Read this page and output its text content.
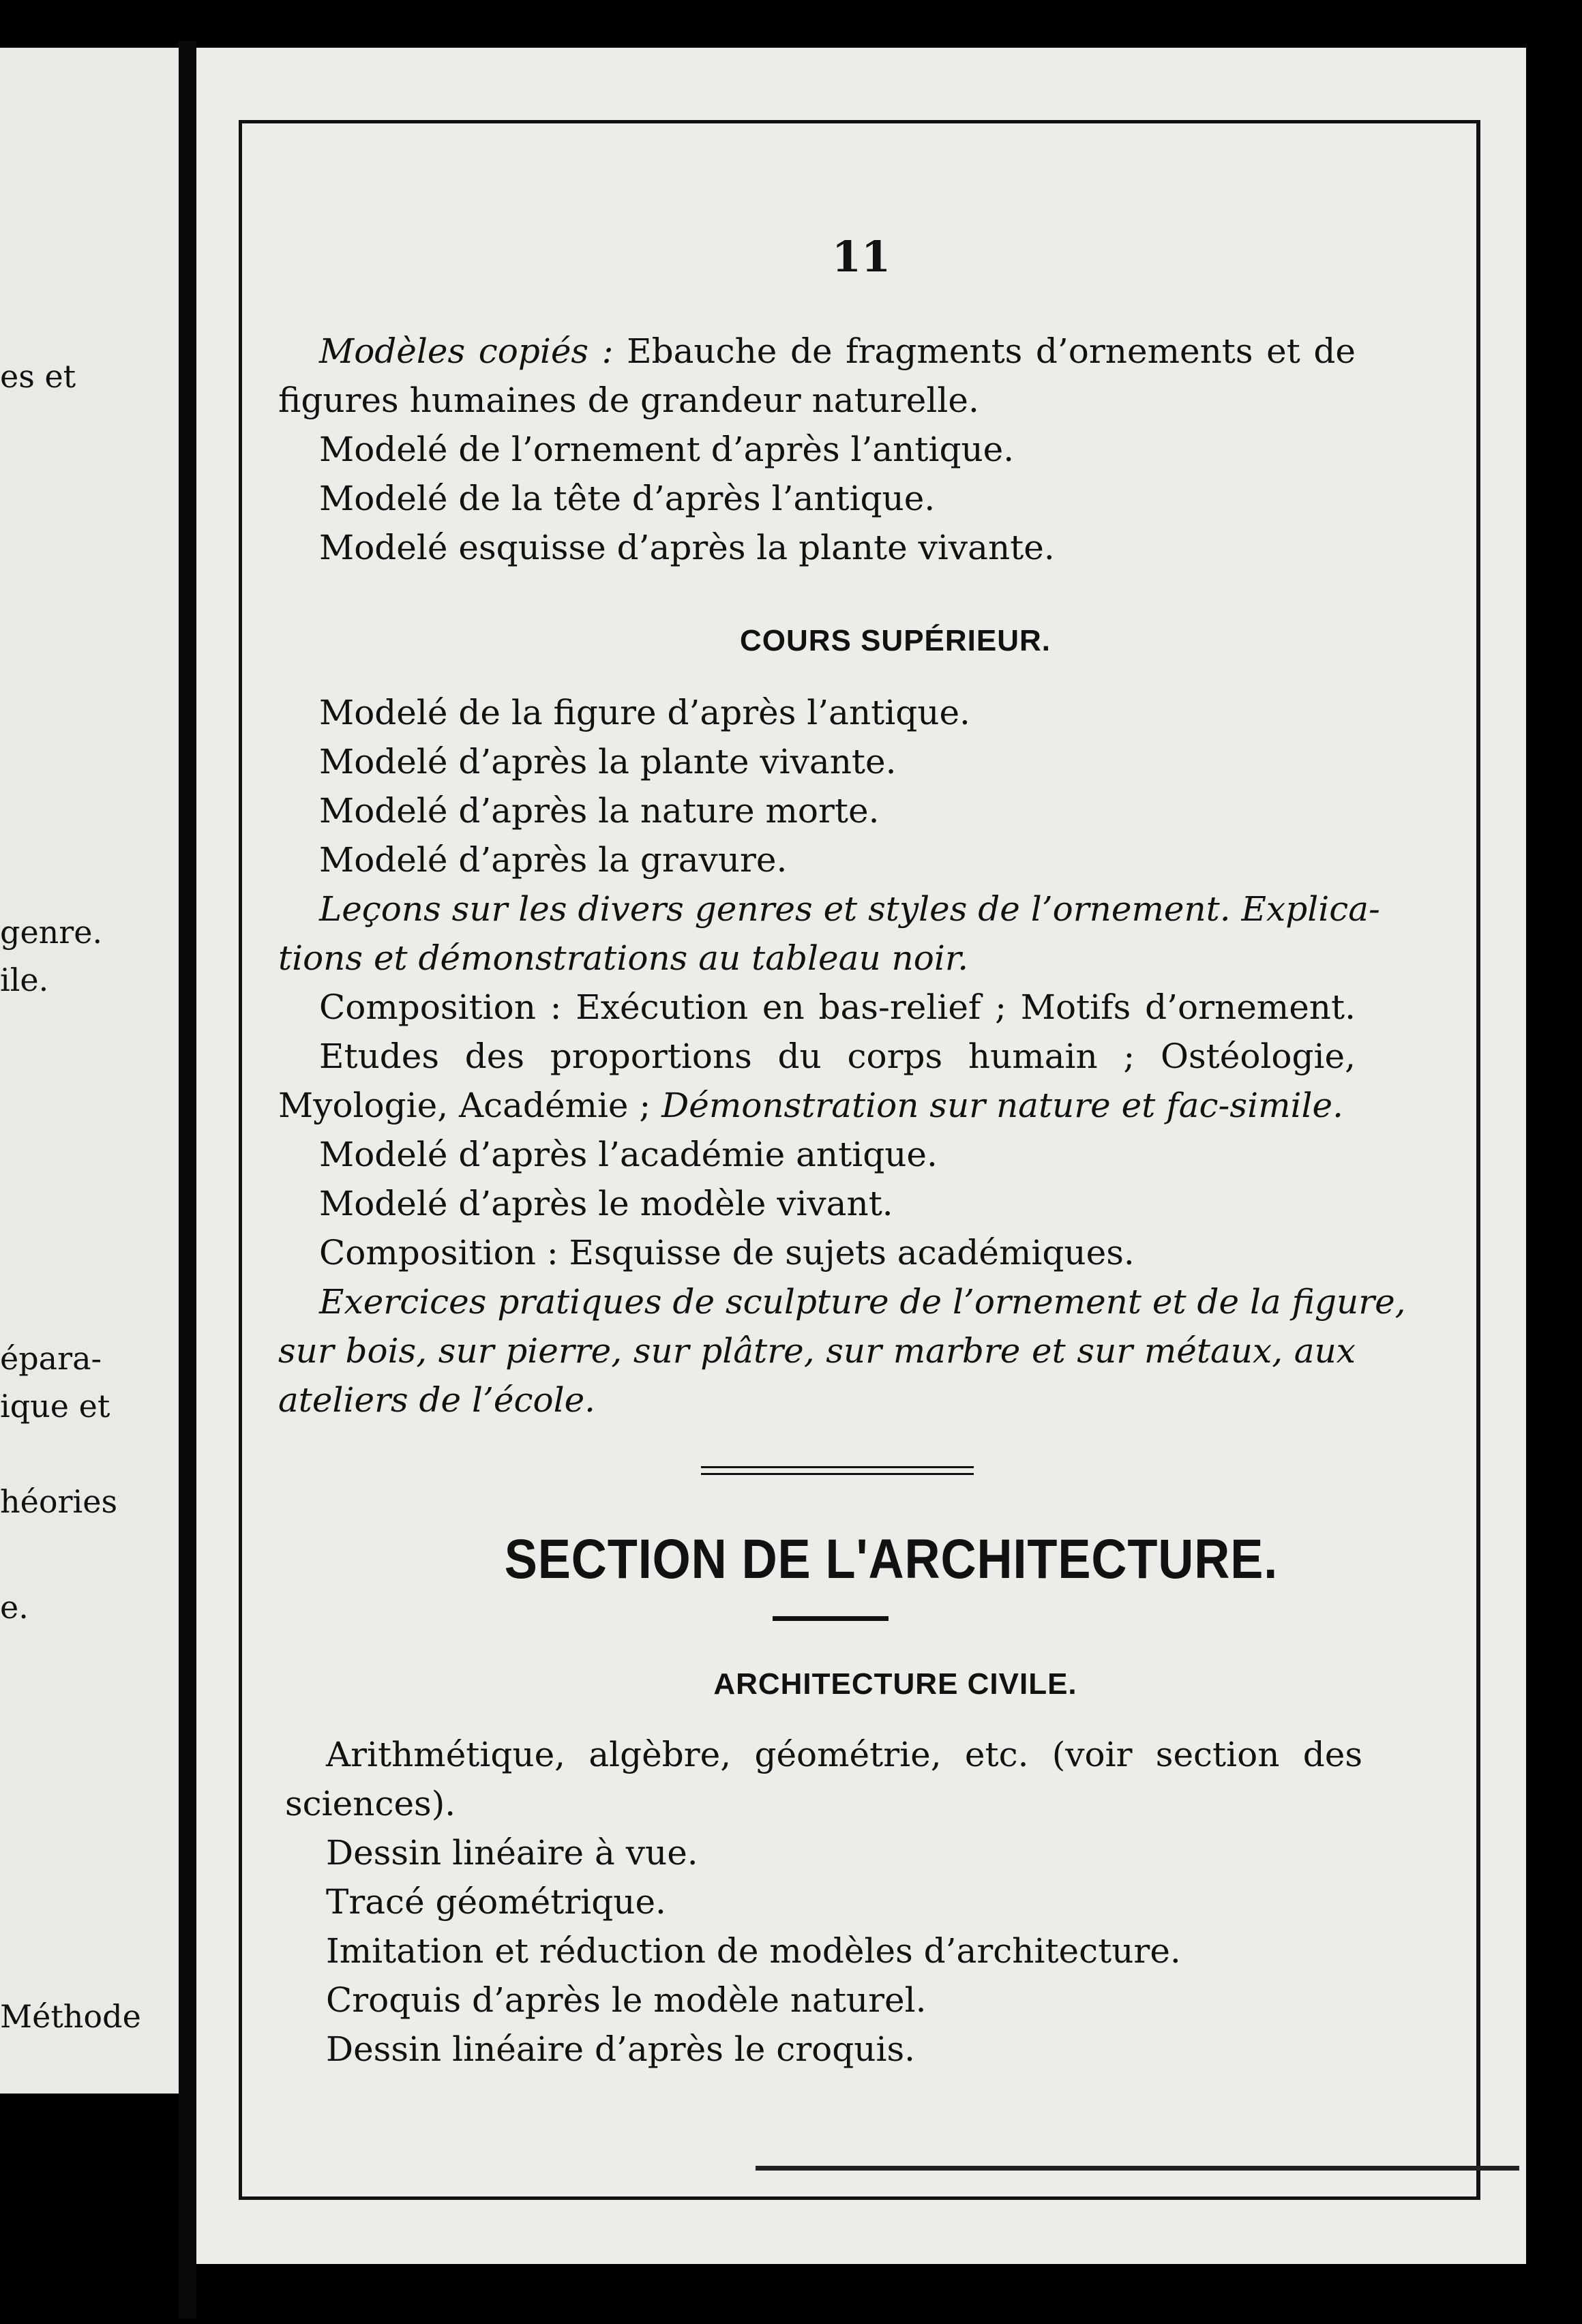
es et
genre.
ile.
épara-
ique et
héories
e.
Méthode
11
Modèles copiés : Ebauche de fragments d’ornements et de
figures humaines de grandeur naturelle.
Modelé de l’ornement d’après l’antique.
Modelé de la tête d’après l’antique.
Modelé esquisse d’après la plante vivante.
COURS SUPÉRIEUR.
Modelé de la figure d’après l’antique.
Modelé d’après la plante vivante.
Modelé d’après la nature morte.
Modelé d’après la gravure.
Leçons sur les divers genres et styles de l’ornement. Explica-
tions et démonstrations au tableau noir.
Composition : Exécution en bas-relief ; Motifs d’ornement.
Etudes des proportions du corps humain ; Ostéologie,
Myologie, Académie ; Démonstration sur nature et fac-simile.
Modelé d’après l’académie antique.
Modelé d’après le modèle vivant.
Composition : Esquisse de sujets académiques.
Exercices pratiques de sculpture de l’ornement et de la figure,
sur bois, sur pierre, sur plâtre, sur marbre et sur métaux, aux
ateliers de l’école.
SECTION DE L'ARCHITECTURE.
ARCHITECTURE CIVILE.
Arithmétique, algèbre, géométrie, etc. (voir section des
sciences).
Dessin linéaire à vue.
Tracé géométrique.
Imitation et réduction de modèles d’architecture.
Croquis d’après le modèle naturel.
Dessin linéaire d’après le croquis.
